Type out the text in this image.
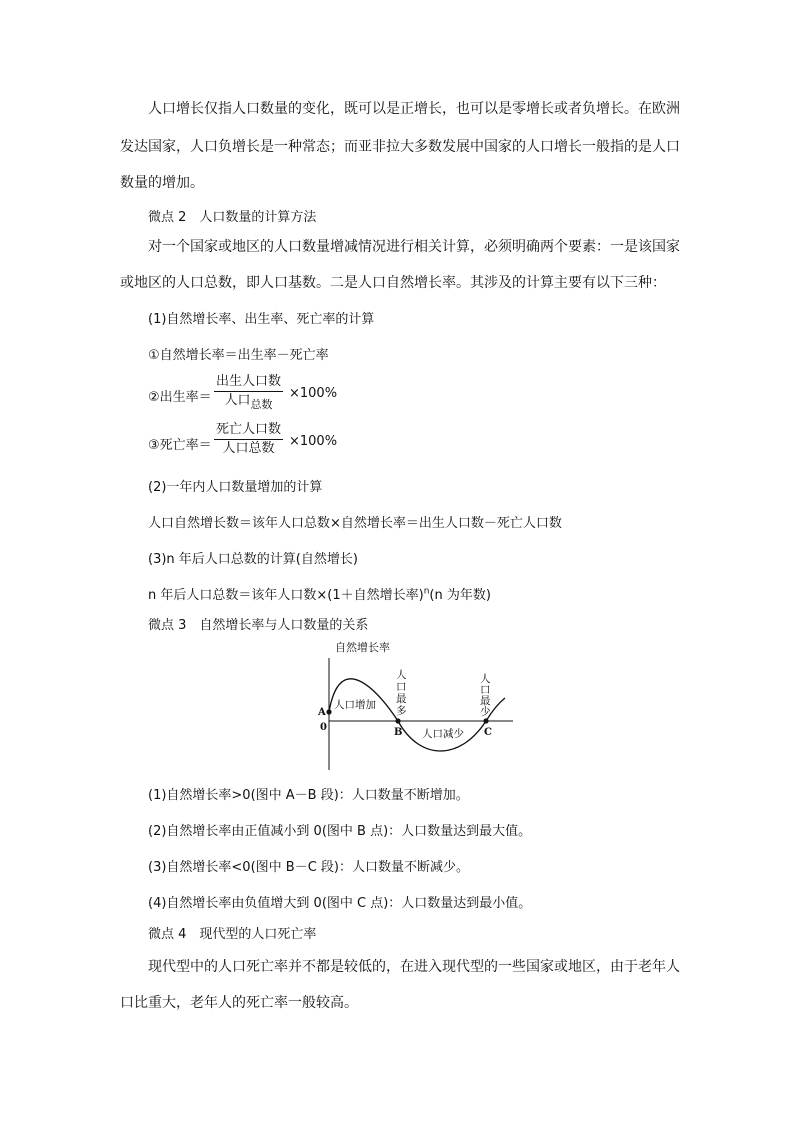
人口增长仅指人口数量的变化，既可以是正增长，也可以是零增长或者负增长。在欧洲
发达国家，人口负增长是一种常态；而亚非拉大多数发展中国家的人口增长一般指的是人口
数量的增加。
微点 2　人口数量的计算方法
对一个国家或地区的人口数量增减情况进行相关计算，必须明确两个要素：一是该国家
或地区的人口总数，即人口基数。二是人口自然增长率。其涉及的计算主要有以下三种：
(1)自然增长率、出生率、死亡率的计算
①自然增长率＝出生率－死亡率
②出生率＝
出生人口数
人口$_{总数}$
×100%
③死亡率＝
死亡人口数
人口总数	×100%
(2)一年内人口数量增加的计算
人口自然增长数＝该年人口总数×自然增长率＝出生人口数－死亡人口数
(3)n 年后人口总数的计算(自然增长)
n 年后人口总数＝该年人口数×(1＋自然增长率)$^n$(n 为年数)
微点 3　自然增长率与人口数量的关系
自然增长率
A
0	B	C
人口增加
人口减少
人
口
最
多
人
口
最
少
(1)自然增长率>0(图中 A－B 段)：人口数量不断增加。
(2)自然增长率由正值减小到 0(图中 B 点)：人口数量达到最大值。
(3)自然增长率<0(图中 B－C 段)：人口数量不断减少。
(4)自然增长率由负值增大到 0(图中 C 点)：人口数量达到最小值。
微点 4　现代型的人口死亡率
现代型中的人口死亡率并不都是较低的，在进入现代型的一些国家或地区，由于老年人
口比重大，老年人的死亡率一般较高。
